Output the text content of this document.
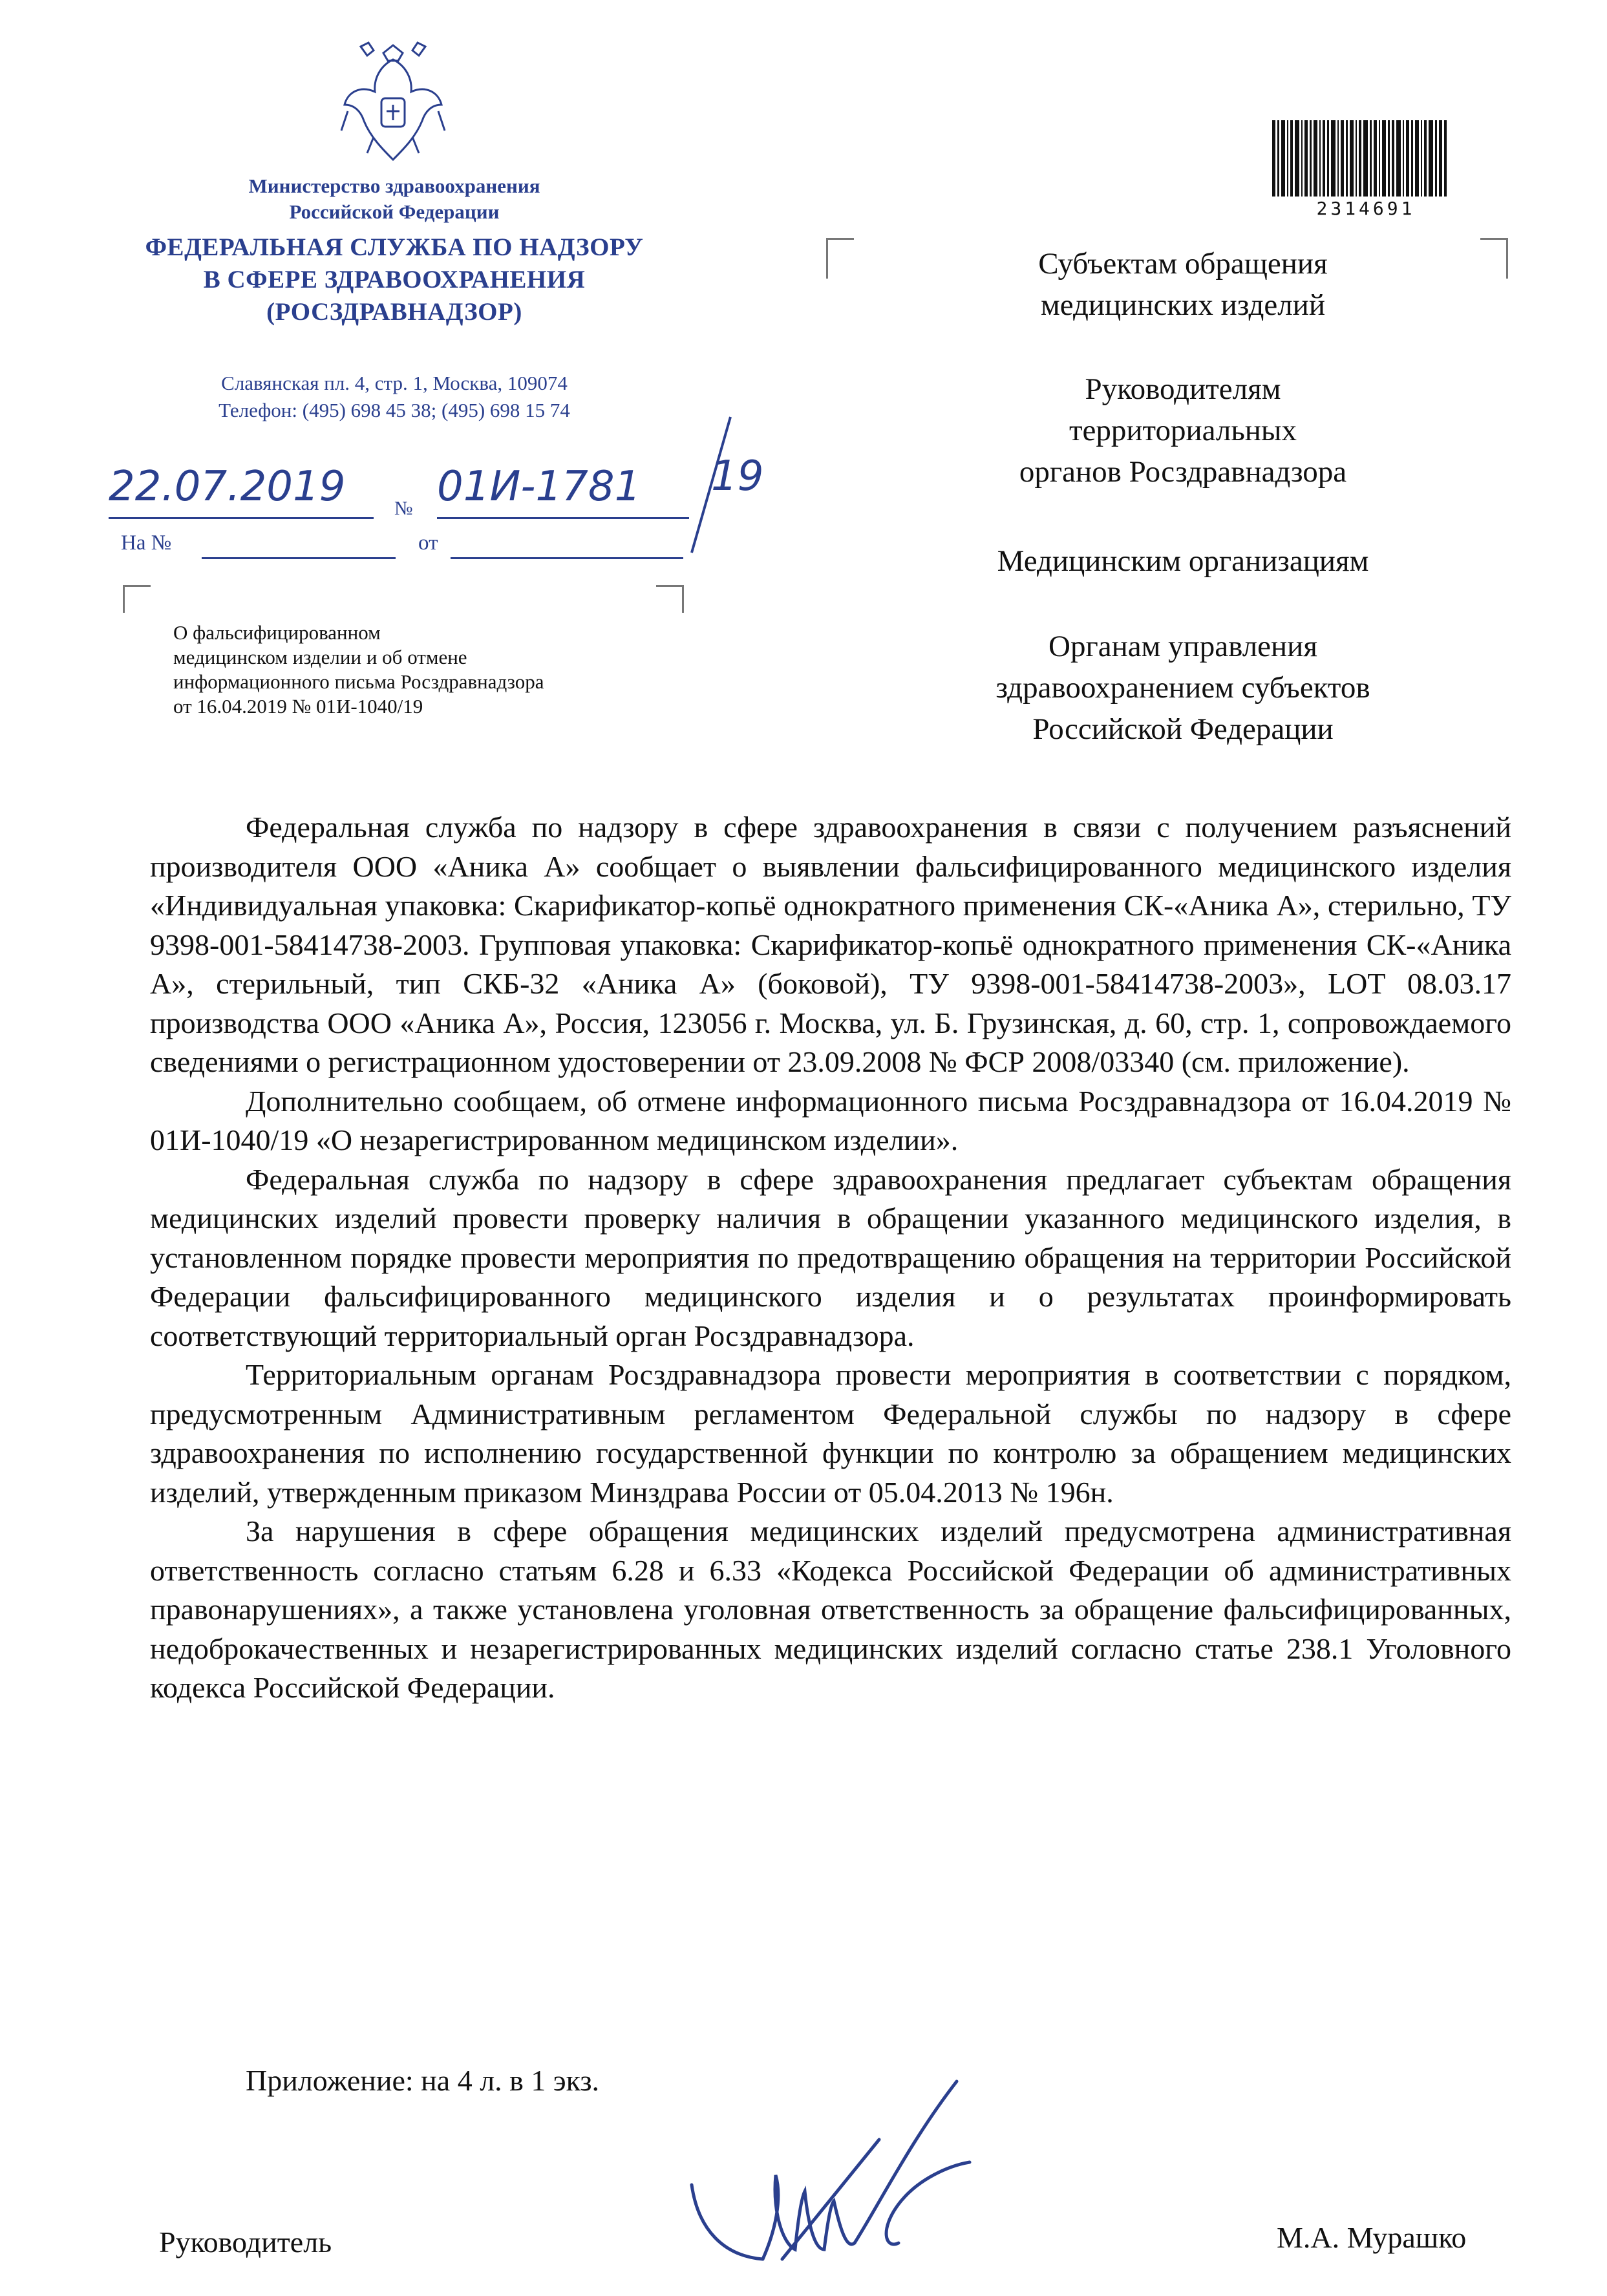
Министерство здравоохранения
Российской Федерации
ФЕДЕРАЛЬНАЯ СЛУЖБА ПО НАДЗОРУ
В СФЕРЕ ЗДРАВООХРАНЕНИЯ
(РОСЗДРАВНАДЗОР)
Славянская пл. 4, стр. 1, Москва, 109074
Телефон: (495) 698 45 38; (495) 698 15 74
22.07.2019	№ 01И-1781 19
На №	от
О фальсифицированном
медицинском изделии и об отмене
информационного письма Росздравнадзора
от 16.04.2019 № 01И-1040/19
2314691
Субъектам обращения
медицинских изделий
Руководителям
территориальных
органов Росздравнадзора
Медицинским организациям
Органам управления
здравоохранением субъектов
Российской Федерации

Федеральная служба по надзору в сфере здравоохранения в связи с получением разъяснений производителя ООО «Аника А» сообщает о выявлении фальсифицированного медицинского изделия «Индивидуальная упаковка: Скарификатор-копьё однократного применения СК-«Аника А», стерильно, ТУ 9398-001-58414738-2003. Групповая упаковка: Скарификатор-копьё однократного применения СК-«Аника А», стерильный, тип СКБ-32 «Аника А» (боковой), ТУ 9398-001-58414738-2003», LOT 08.03.17 производства ООО «Аника А», Россия, 123056 г. Москва, ул. Б. Грузинская, д. 60, стр. 1, сопровождаемого сведениями о регистрационном удостоверении от 23.09.2008 № ФСР 2008/03340 (см. приложение).

Дополнительно сообщаем, об отмене информационного письма Росздравнадзора от 16.04.2019 № 01И-1040/19 «О незарегистрированном медицинском изделии».

Федеральная служба по надзору в сфере здравоохранения предлагает субъектам обращения медицинских изделий провести проверку наличия в обращении указанного медицинского изделия, в установленном порядке провести мероприятия по предотвращению обращения на территории Российской Федерации фальсифицированного медицинского изделия и о результатах проинформировать соответствующий территориальный орган Росздравнадзора.

Территориальным органам Росздравнадзора провести мероприятия в соответствии с порядком, предусмотренным Административным регламентом Федеральной службы по надзору в сфере здравоохранения по исполнению государственной функции по контролю за обращением медицинских изделий, утвержденным приказом Минздрава России от 05.04.2013 № 196н.

За нарушения в сфере обращения медицинских изделий предусмотрена административная ответственность согласно статьям 6.28 и 6.33 «Кодекса Российской Федерации об административных правонарушениях», а также установлена уголовная ответственность за обращение фальсифицированных, недоброкачественных и незарегистрированных медицинских изделий согласно статье 238.1 Уголовного кодекса Российской Федерации.

Приложение: на 4 л. в 1 экз.
Руководитель	М.А. Мурашко
